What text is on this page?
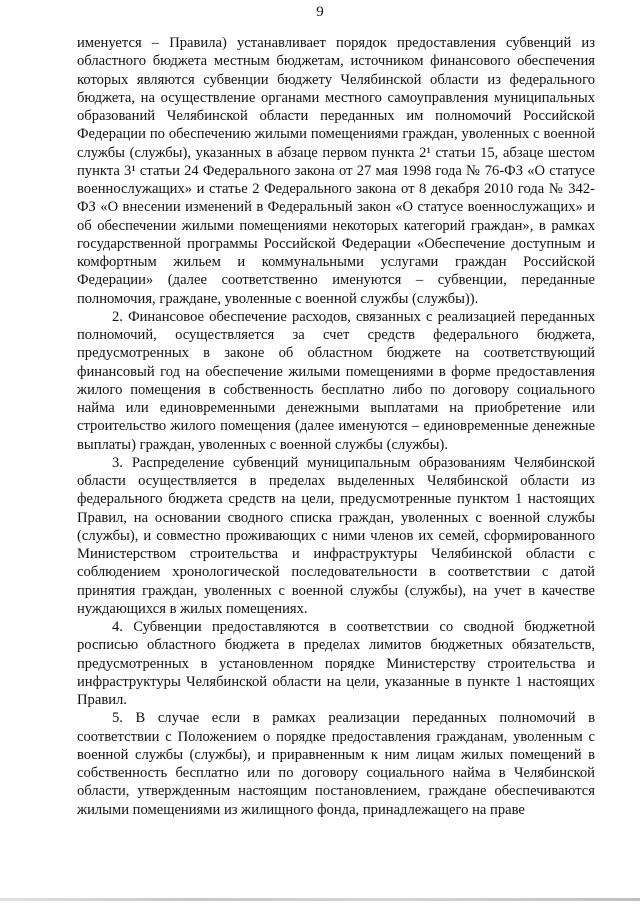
9

именуется – Правила) устанавливает порядок предоставления субвенций из областного бюджета местным бюджетам, источником финансового обеспечения которых являются субвенции бюджету Челябинской области из федерального бюджета, на осуществление органами местного самоуправления муниципальных образований Челябинской области переданных им полномочий Российской Федерации по обеспечению жилыми помещениями граждан, уволенных с военной службы (службы), указанных в абзаце первом пункта 2¹ статьи 15, абзаце шестом пункта 3¹ статьи 24 Федерального закона от 27 мая 1998 года № 76-ФЗ «О статусе военнослужащих» и статье 2 Федерального закона от 8 декабря 2010 года № 342-ФЗ «О внесении изменений в Федеральный закон «О статусе военнослужащих» и об обеспечении жилыми помещениями некоторых категорий граждан», в рамках государственной программы Российской Федерации «Обеспечение доступным и комфортным жильем и коммунальными услугами граждан Российской Федерации» (далее соответственно именуются – субвенции, переданные полномочия, граждане, уволенные с военной службы (службы)).

2. Финансовое обеспечение расходов, связанных с реализацией переданных полномочий, осуществляется за счет средств федерального бюджета, предусмотренных в законе об областном бюджете на соответствующий финансовый год на обеспечение жилыми помещениями в форме предоставления жилого помещения в собственность бесплатно либо по договору социального найма или единовременными денежными выплатами на приобретение или строительство жилого помещения (далее именуются – единовременные денежные выплаты) граждан, уволенных с военной службы (службы).

3. Распределение субвенций муниципальным образованиям Челябинской области осуществляется в пределах выделенных Челябинской области из федерального бюджета средств на цели, предусмотренные пунктом 1 настоящих Правил, на основании сводного списка граждан, уволенных с военной службы (службы), и совместно проживающих с ними членов их семей, сформированного Министерством строительства и инфраструктуры Челябинской области с соблюдением хронологической последовательности в соответствии с датой принятия граждан, уволенных с военной службы (службы), на учет в качестве нуждающихся в жилых помещениях.

4. Субвенции предоставляются в соответствии со сводной бюджетной росписью областного бюджета в пределах лимитов бюджетных обязательств, предусмотренных в установленном порядке Министерству строительства и инфраструктуры Челябинской области на цели, указанные в пункте 1 настоящих Правил.

5. В случае если в рамках реализации переданных полномочий в соответствии с Положением о порядке предоставления гражданам, уволенным с военной службы (службы), и приравненным к ним лицам жилых помещений в собственность бесплатно или по договору социального найма в Челябинской области, утвержденным настоящим постановлением, граждане обеспечиваются жилыми помещениями из жилищного фонда, принадлежащего на праве
